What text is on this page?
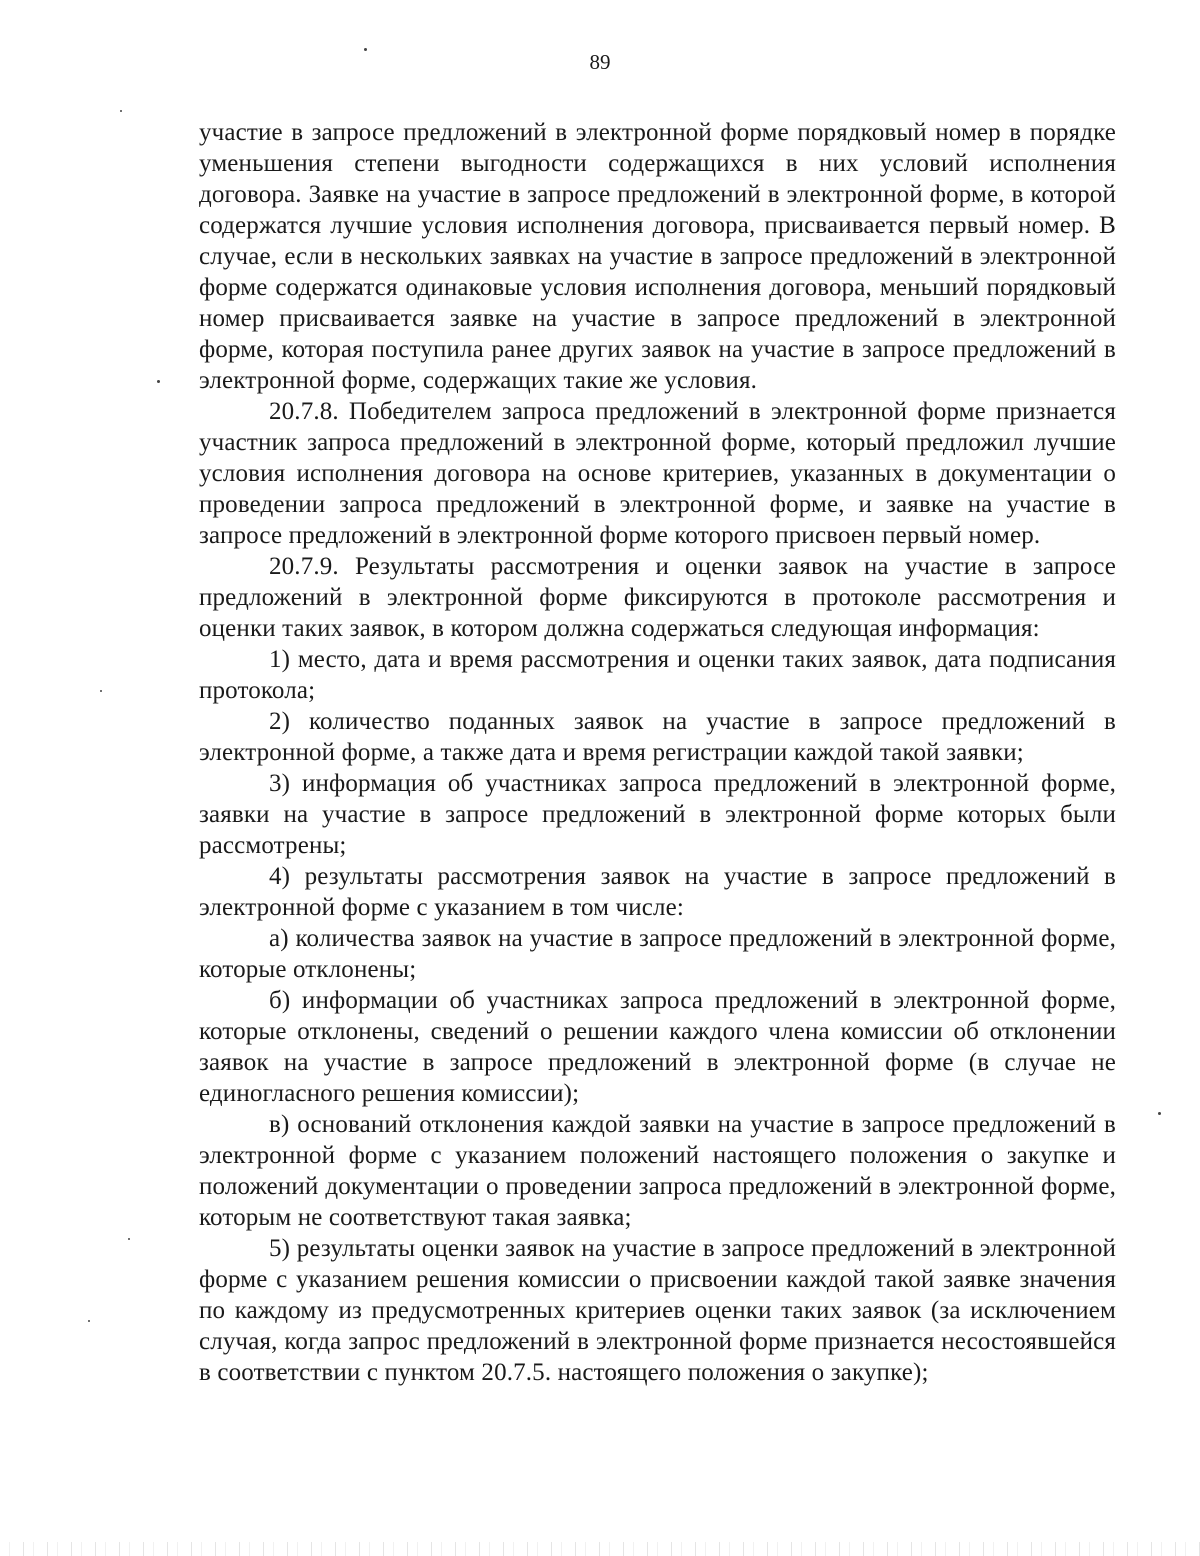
89

участие в запросе предложений в электронной форме порядковый номер в порядке уменьшения степени выгодности содержащихся в них условий исполнения договора. Заявке на участие в запросе предложений в электронной форме, в которой содержатся лучшие условия исполнения договора, присваивается первый номер. В случае, если в нескольких заявках на участие в запросе предложений в электронной форме содержатся одинаковые условия исполнения договора, меньший порядковый номер присваивается заявке на участие в запросе предложений в электронной форме, которая поступила ранее других заявок на участие в запросе предложений в электронной форме, содержащих такие же условия.

20.7.8. Победителем запроса предложений в электронной форме признается участник запроса предложений в электронной форме, который предложил лучшие условия исполнения договора на основе критериев, указанных в документации о проведении запроса предложений в электронной форме, и заявке на участие в запросе предложений в электронной форме которого присвоен первый номер.

20.7.9. Результаты рассмотрения и оценки заявок на участие в запросе предложений в электронной форме фиксируются в протоколе рассмотрения и оценки таких заявок, в котором должна содержаться следующая информация:

1) место, дата и время рассмотрения и оценки таких заявок, дата подписания протокола;

2) количество поданных заявок на участие в запросе предложений в электронной форме, а также дата и время регистрации каждой такой заявки;

3) информация об участниках запроса предложений в электронной форме, заявки на участие в запросе предложений в электронной форме которых были рассмотрены;

4) результаты рассмотрения заявок на участие в запросе предложений в электронной форме с указанием в том числе:

а) количества заявок на участие в запросе предложений в электронной форме, которые отклонены;

б) информации об участниках запроса предложений в электронной форме, которые отклонены, сведений о решении каждого члена комиссии об отклонении заявок на участие в запросе предложений в электронной форме (в случае не единогласного решения комиссии);

в) оснований отклонения каждой заявки на участие в запросе предложений в электронной форме с указанием положений настоящего положения о закупке и положений документации о проведении запроса предложений в электронной форме, которым не соответствуют такая заявка;

5) результаты оценки заявок на участие в запросе предложений в электронной форме с указанием решения комиссии о присвоении каждой такой заявке значения по каждому из предусмотренных критериев оценки таких заявок (за исключением случая, когда запрос предложений в электронной форме признается несостоявшейся в соответствии с пунктом 20.7.5. настоящего положения о закупке);
